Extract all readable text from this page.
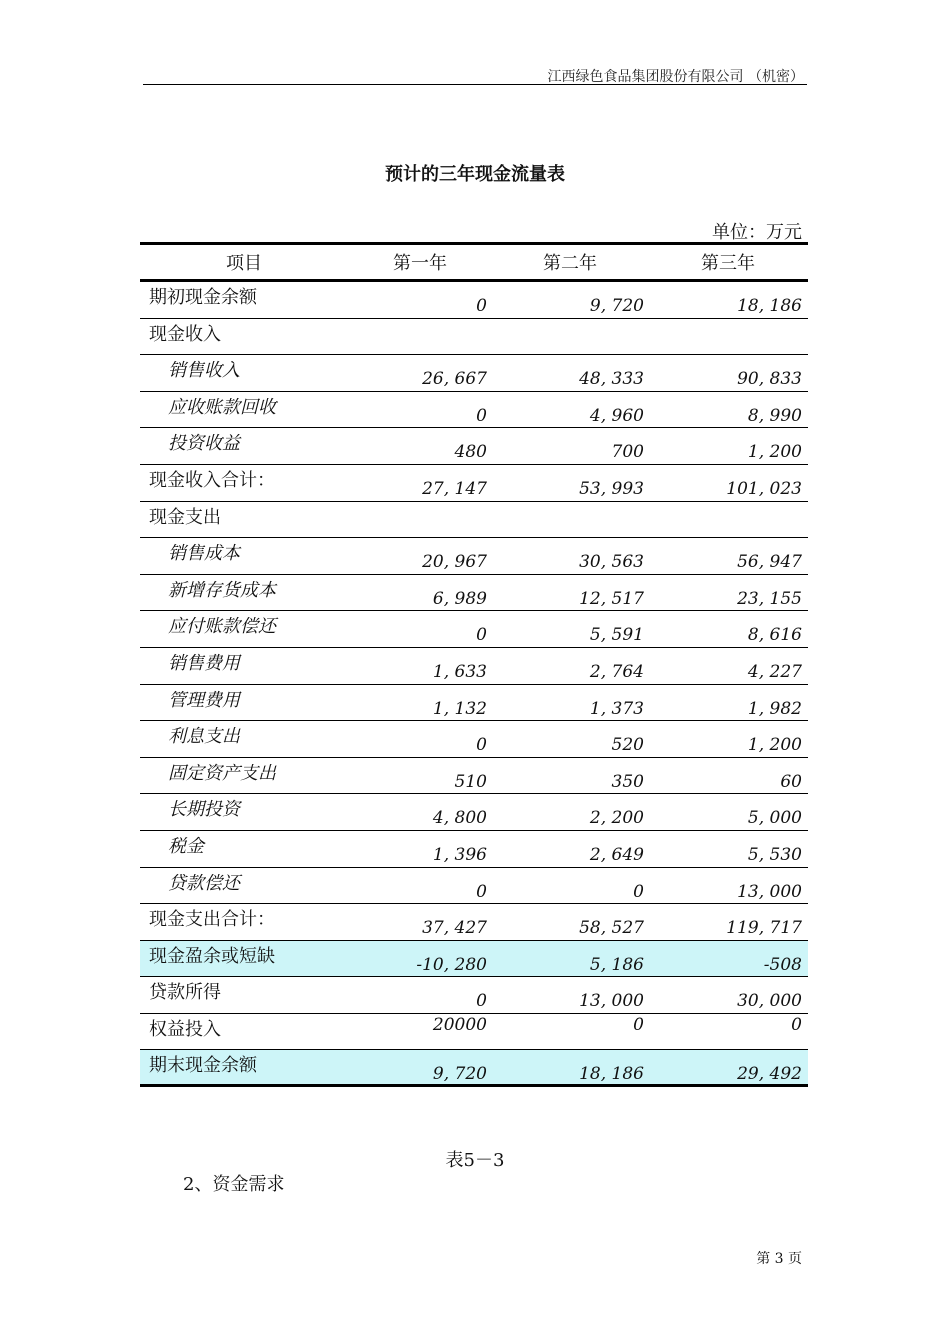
江西绿色食品集团股份有限公司 （机密）
预计的三年现金流量表
单位：万元
项目	第一年	第二年	第三年
期初现金余额	0	9, 720	18, 186
现金收入
销售收入	26, 667	48, 333	90, 833
应收账款回收	0	4, 960	8, 990
投资收益	480	700	1, 200
现金收入合计：	27, 147	53, 993	101, 023
现金支出
销售成本	20, 967	30, 563	56, 947
新增存货成本	6, 989	12, 517	23, 155
应付账款偿还	0	5, 591	8, 616
销售费用	1, 633	2, 764	4, 227
管理费用	1, 132	1, 373	1, 982
利息支出	0	520	1, 200
固定资产支出	510	350	60
长期投资	4, 800	2, 200	5, 000
税金	1, 396	2, 649	5, 530
贷款偿还	0	0	13, 000
现金支出合计：	37, 427	58, 527	119, 717
现金盈余或短缺	-10, 280	5, 186	-508
贷款所得	0	13, 000	30, 000
权益投入	20000	0	0
期末现金余额	9, 720	18, 186	29, 492
表5－3
2、资金需求
第 3 页
